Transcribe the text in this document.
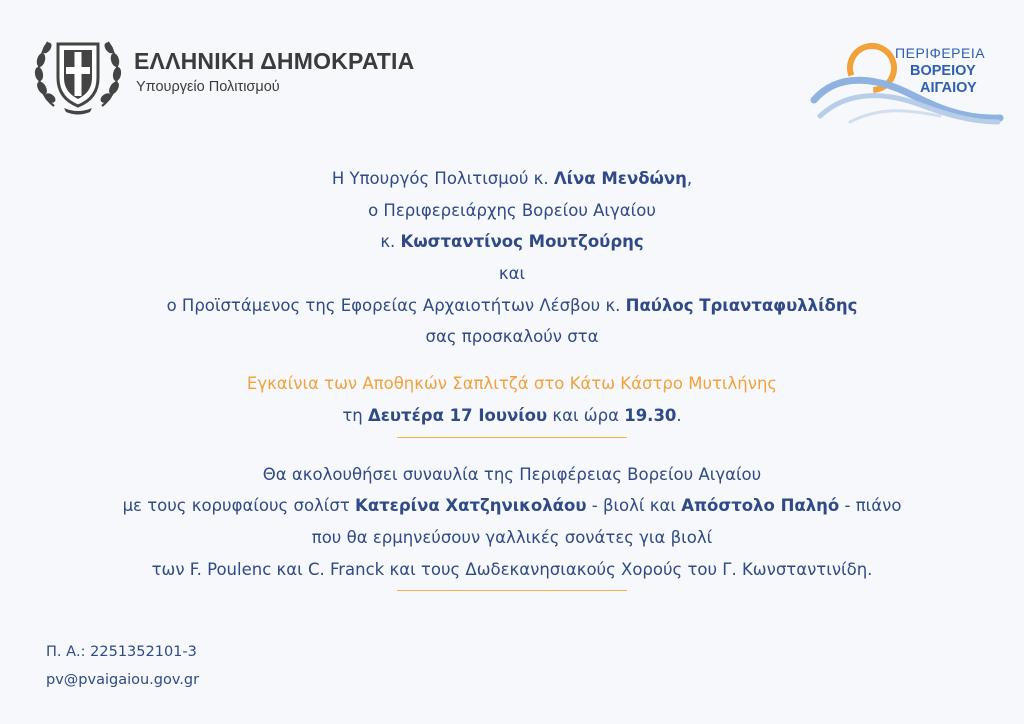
ΕΛΛΗΝΙΚΗ ΔΗΜΟΚΡΑΤΙΑ
Υπουργείο Πολιτισμού
ΠΕΡΙΦΕΡΕΙΑ
ΒΟΡΕΙΟΥ
ΑΙΓΑΙΟΥ
Η Υπουργός Πολιτισμού κ. Λίνα Μενδώνη,
ο Περιφερειάρχης Βορείου Αιγαίου
κ. Κωσταντίνος Μουτζούρης
και
ο Προϊστάμενος της Εφορείας Αρχαιοτήτων Λέσβου κ. Παύλος Τριανταφυλλίδης
σας προσκαλούν στα
Εγκαίνια των Αποθηκών Σαπλιτζά στο Κάτω Κάστρο Μυτιλήνης
τη Δευτέρα 17 Ιουνίου και ώρα 19.30.
Θα ακολουθήσει συναυλία της Περιφέρειας Βορείου Αιγαίου
με τους κορυφαίους σολίστ Κατερίνα Χατζηνικολάου - βιολί και Απόστολο Παληό - πιάνο
που θα ερμηνεύσουν γαλλικές σονάτες για βιολί
των F. Poulenc και C. Franck και τους Δωδεκανησιακούς Χορούς του Γ. Κωνσταντινίδη.
Π. Α.: 2251352101-3
pv@pvaigaiou.gov.gr
